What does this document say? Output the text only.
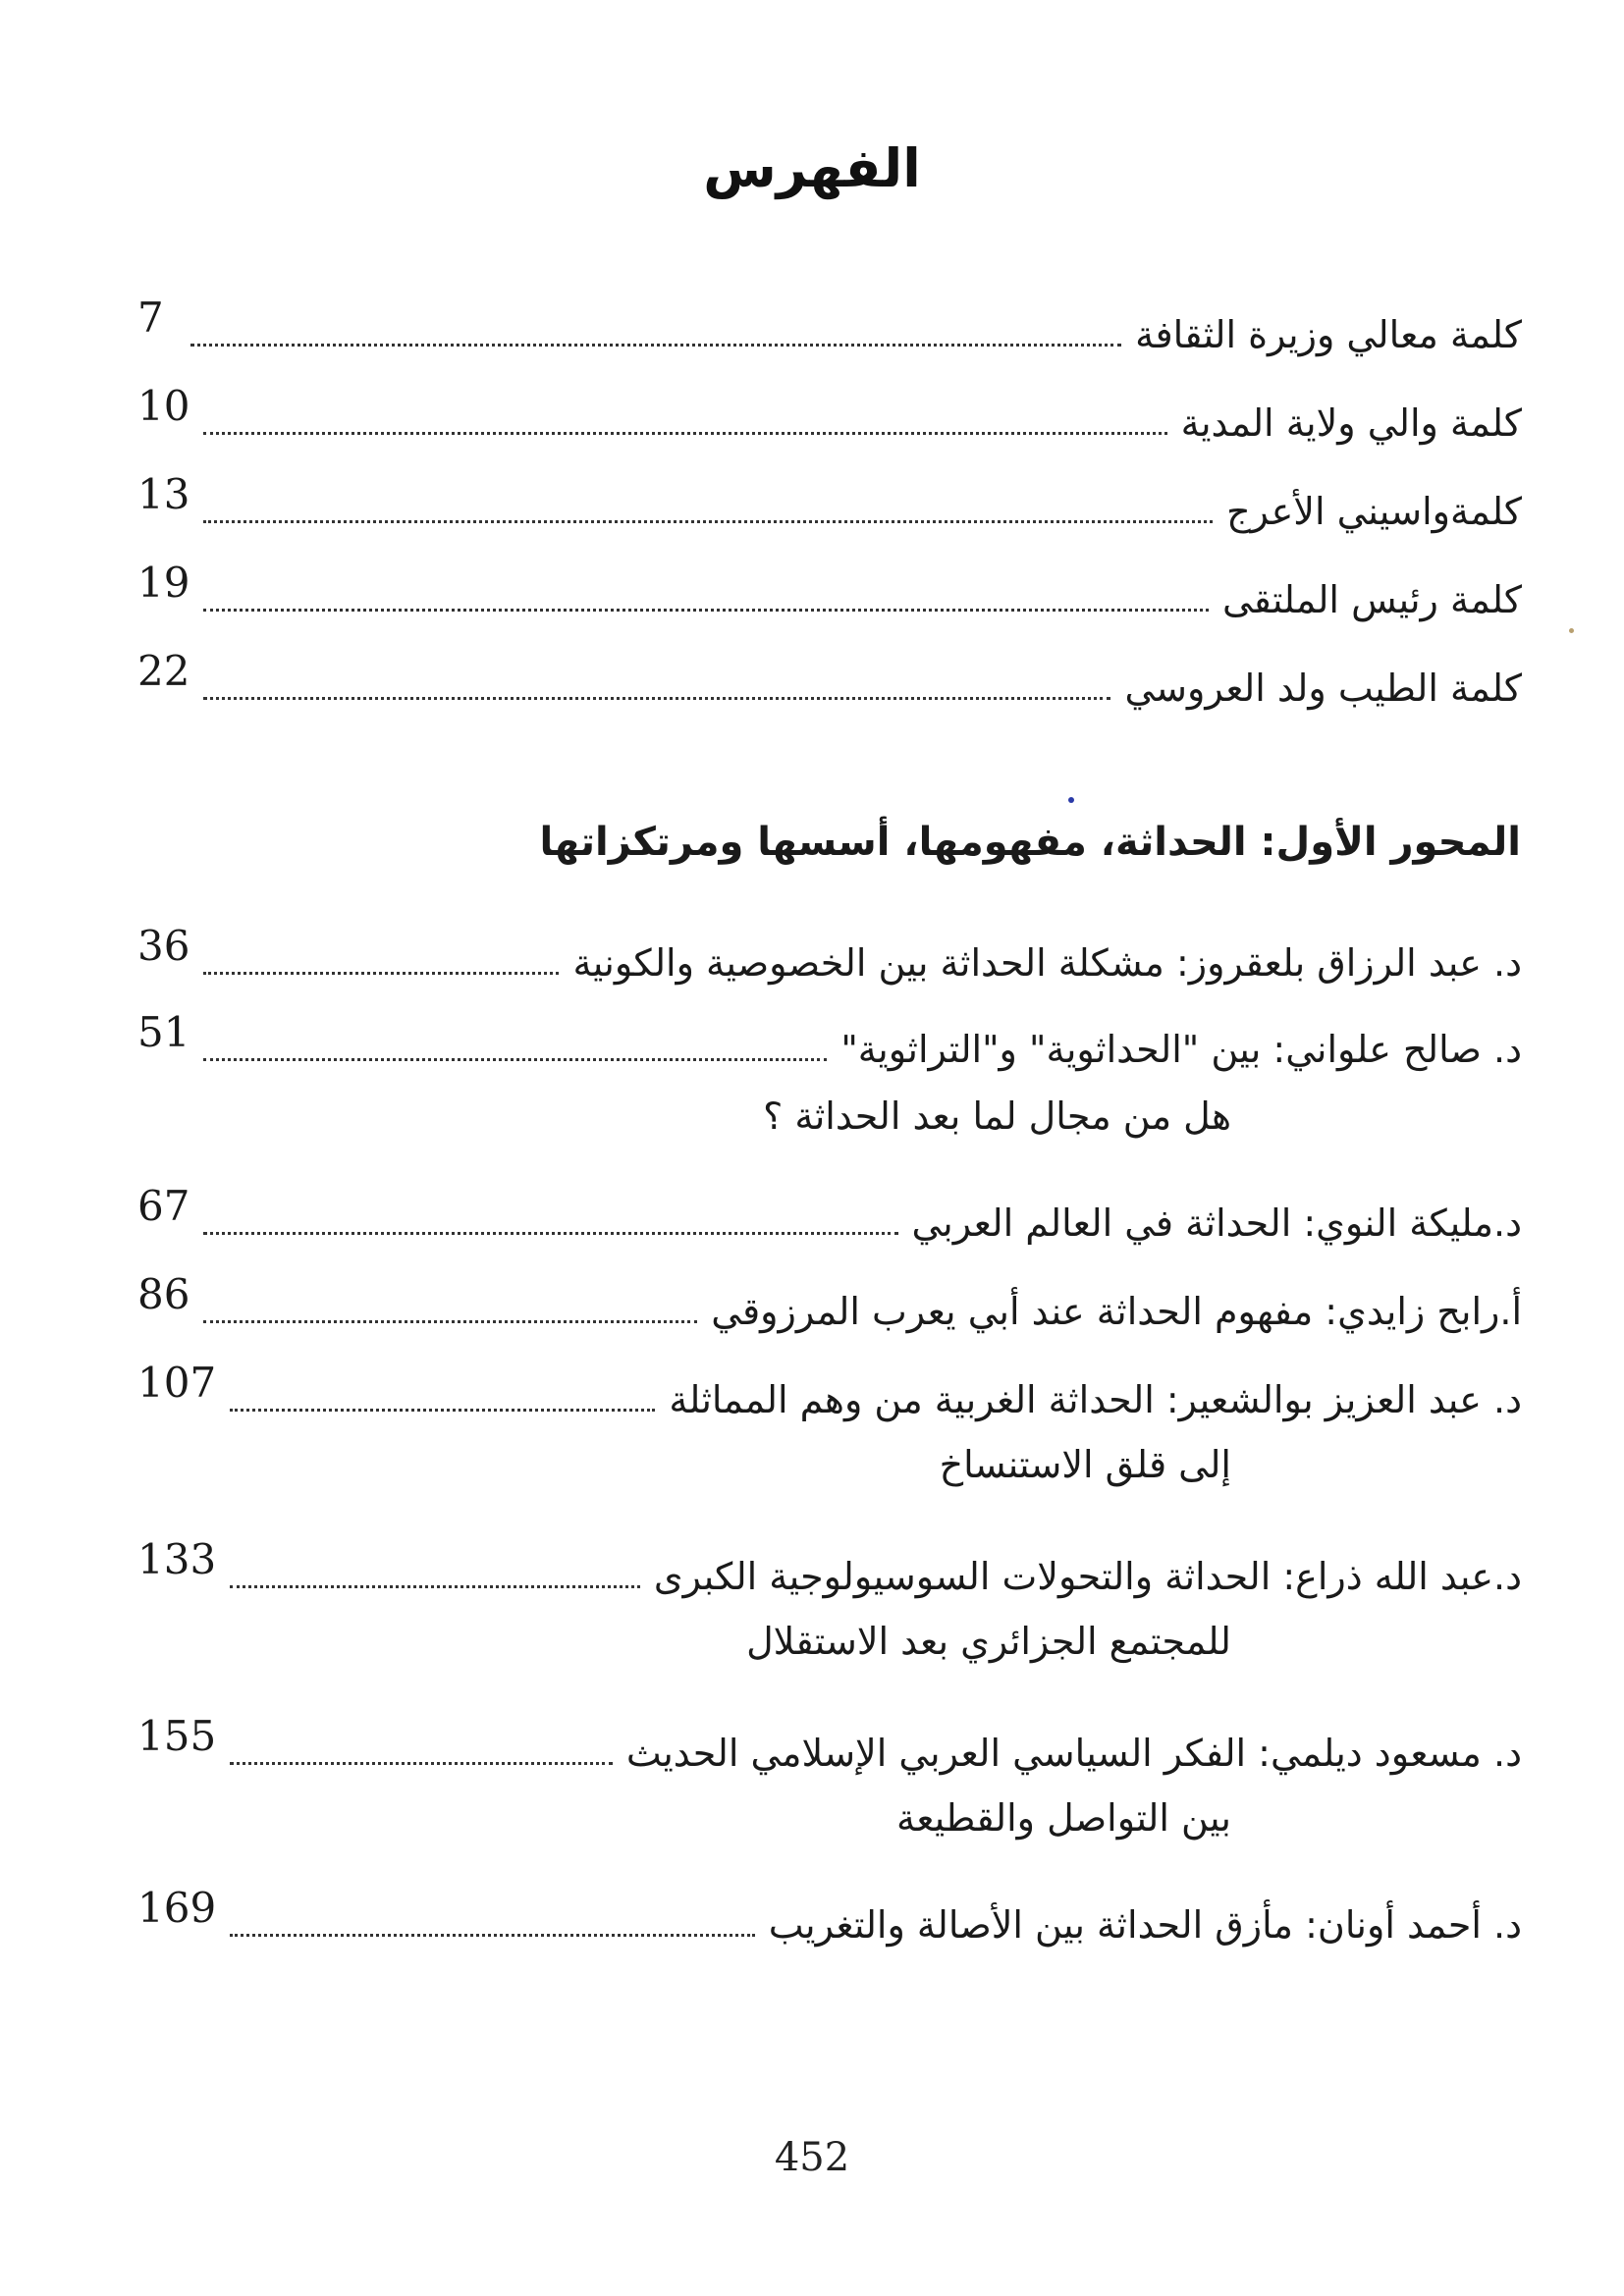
الفهرس
كلمة معالي وزيرة الثقافة
7
كلمة والي ولاية المدية
10
كلمةواسيني الأعرج
13
كلمة رئيس الملتقى
19
كلمة الطيب ولد العروسي
22
المحور الأول: الحداثة، مفهومها، أسسها ومرتكزاتها
د. عبد الرزاق بلعقروز: مشكلة الحداثة بين الخصوصية والكونية
36
د. صالح علواني: بين "الحداثوية" و"التراثوية"
51
هل من مجال لما بعد الحداثة ؟
د.مليكة النوي: الحداثة في العالم العربي
67
أ.رابح زايدي: مفهوم الحداثة عند أبي يعرب المرزوقي
86
د. عبد العزيز بوالشعير: الحداثة الغربية من وهم المماثلة
107
إلى قلق الاستنساخ
د.عبد الله ذراع: الحداثة والتحولات السوسيولوجية الكبرى
133
للمجتمع الجزائري بعد الاستقلال
د. مسعود ديلمي: الفكر السياسي العربي الإسلامي الحديث
155
بين التواصل والقطيعة
د. أحمد أونان: مأزق الحداثة بين الأصالة والتغريب
169
452
